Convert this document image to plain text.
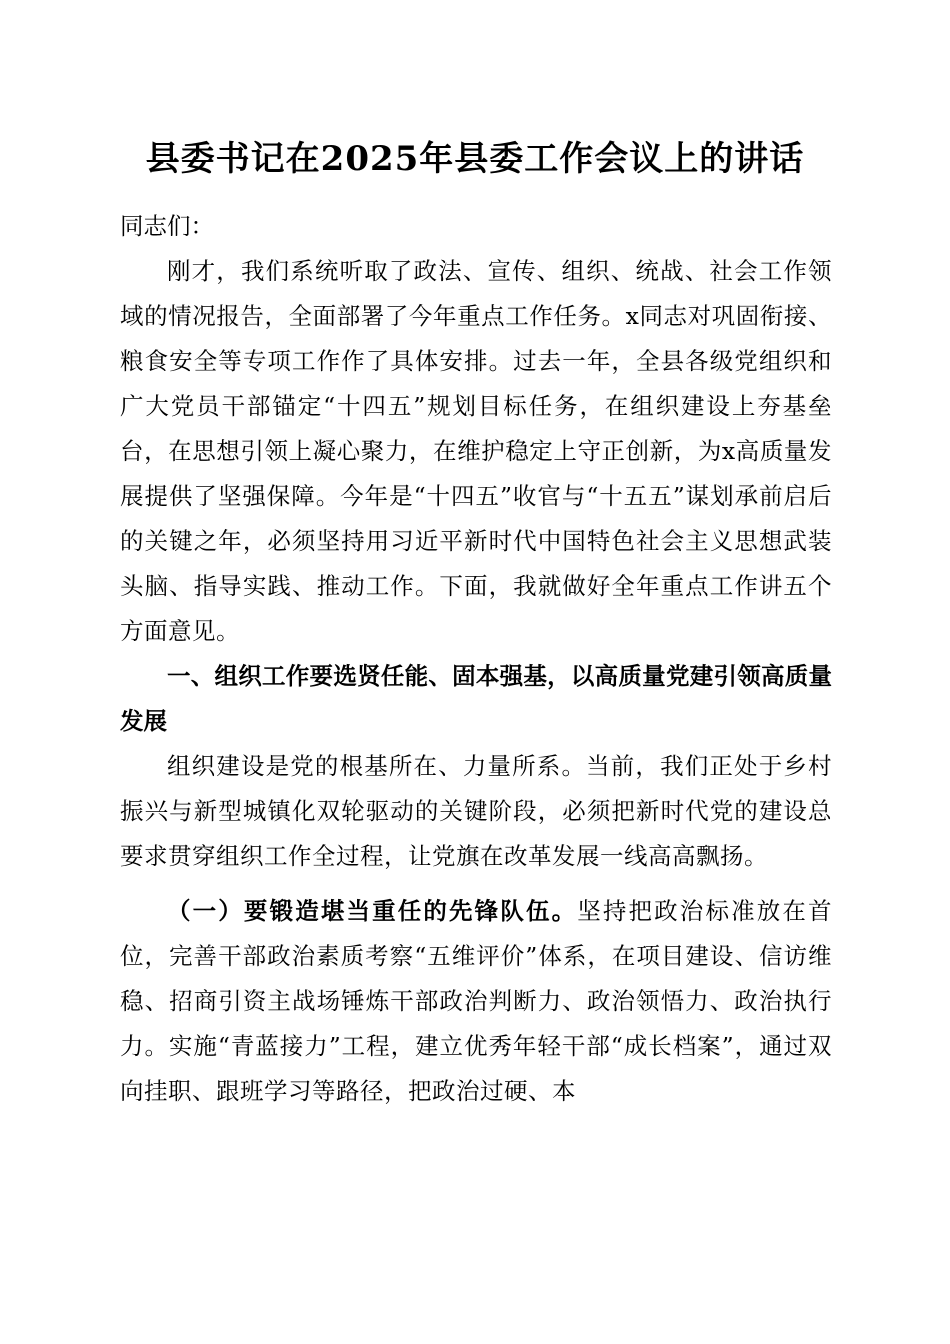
县委书记在2025年县委工作会议上的讲话

同志们：

刚才，我们系统听取了政法、宣传、组织、统战、社会工作领域的情况报告，全面部署了今年重点工作任务。x同志对巩固衔接、粮食安全等专项工作作了具体安排。过去一年，全县各级党组织和广大党员干部锚定“十四五”规划目标任务，在组织建设上夯基垒台，在思想引领上凝心聚力，在维护稳定上守正创新，为x高质量发展提供了坚强保障。今年是“十四五”收官与“十五五”谋划承前启后的关键之年，必须坚持用习近平新时代中国特色社会主义思想武装头脑、指导实践、推动工作。下面，我就做好全年重点工作讲五个方面意见。

一、组织工作要选贤任能、固本强基，以高质量党建引领高质量发展

组织建设是党的根基所在、力量所系。当前，我们正处于乡村振兴与新型城镇化双轮驱动的关键阶段，必须把新时代党的建设总要求贯穿组织工作全过程，让党旗在改革发展一线高高飘扬。

（一）要锻造堪当重任的先锋队伍。坚持把政治标准放在首位，完善干部政治素质考察“五维评价”体系，在项目建设、信访维稳、招商引资主战场锤炼干部政治判断力、政治领悟力、政治执行力。实施“青蓝接力”工程，建立优秀年轻干部“成长档案”，通过双向挂职、跟班学习等路径，把政治过硬、本
